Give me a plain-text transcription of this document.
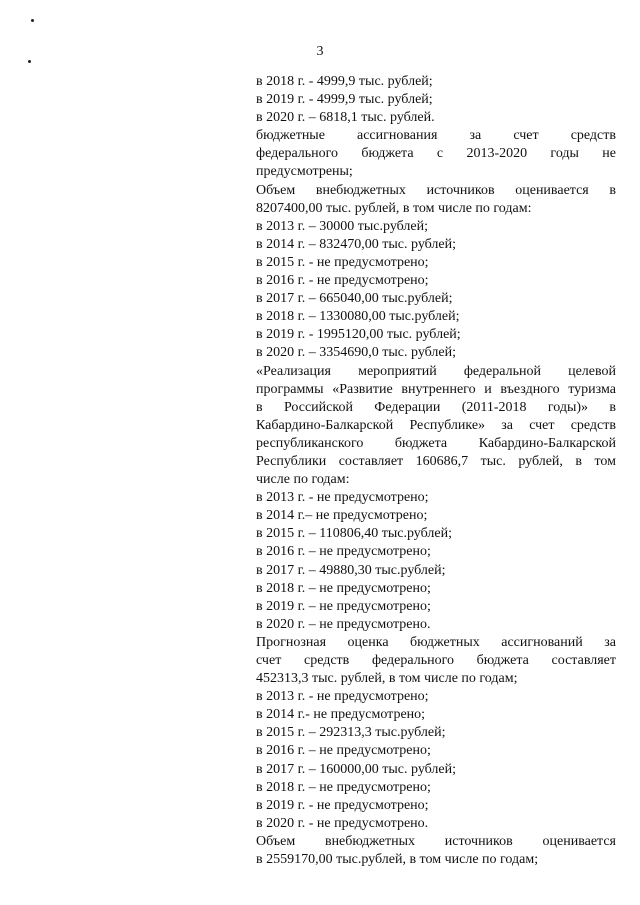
3
в 2018 г. - 4999,9 тыс. рублей;
в 2019 г. - 4999,9 тыс. рублей;
в 2020 г. – 6818,1 тыс. рублей.
бюджетные ассигнования за счет средств
федерального бюджета с 2013-2020 годы не
предусмотрены;
Объем внебюджетных источников оценивается в
8207400,00 тыс. рублей, в том числе по годам:
в 2013 г. – 30000 тыс.рублей;
в 2014 г. – 832470,00 тыс. рублей;
в 2015 г. - не предусмотрено;
в 2016 г. - не предусмотрено;
в 2017 г. – 665040,00 тыс.рублей;
в 2018 г. – 1330080,00 тыс.рублей;
в 2019 г. - 1995120,00 тыс. рублей;
в 2020 г. – 3354690,0 тыс. рублей;
«Реализация мероприятий федеральной целевой
программы «Развитие внутреннего и въездного туризма
в Российской Федерации (2011-2018 годы)» в
Кабардино-Балкарской Республике» за счет средств
республиканского бюджета Кабардино-Балкарской
Республики составляет 160686,7 тыс. рублей, в том
числе по годам:
в 2013 г. - не предусмотрено;
в 2014 г.– не предусмотрено;
в 2015 г. – 110806,40 тыс.рублей;
в 2016 г. – не предусмотрено;
в 2017 г. – 49880,30 тыс.рублей;
в 2018 г. – не предусмотрено;
в 2019 г. – не предусмотрено;
в 2020 г. – не предусмотрено.
Прогнозная оценка бюджетных ассигнований за
счет средств федерального бюджета составляет
452313,3 тыс. рублей, в том числе по годам;
в 2013 г. - не предусмотрено;
в 2014 г.- не предусмотрено;
в 2015 г. – 292313,3 тыс.рублей;
в 2016 г. – не предусмотрено;
в 2017 г. – 160000,00 тыс. рублей;
в 2018 г. – не предусмотрено;
в 2019 г. - не предусмотрено;
в 2020 г. - не предусмотрено.
Объем внебюджетных источников оценивается
в 2559170,00 тыс.рублей, в том числе по годам;
